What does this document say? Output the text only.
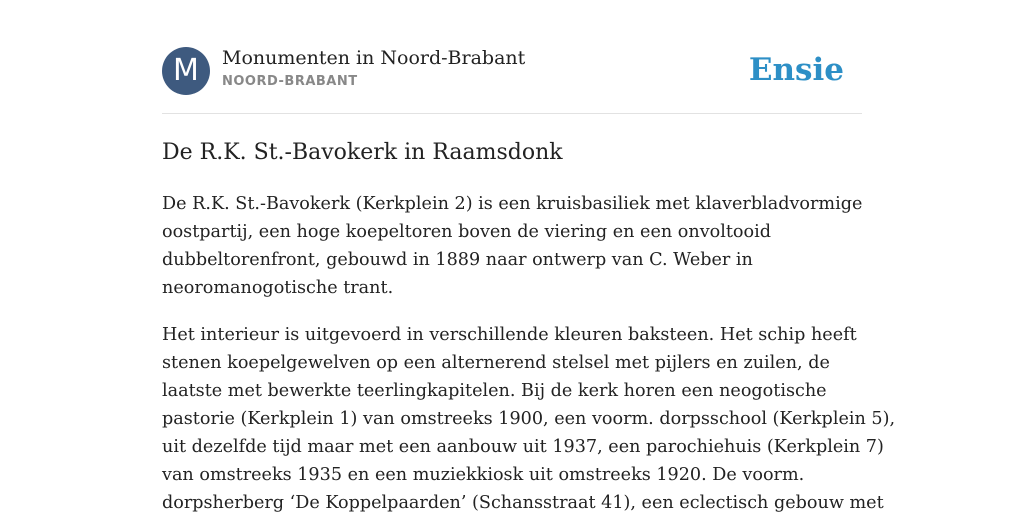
M	Monumenten in Noord-Brabant
NOORD-BRABANT	Ensie
De R.K. St.-Bavokerk in Raamsdonk

De R.K. St.-Bavokerk (Kerkplein 2) is een kruisbasiliek met klaverbladvormige
oostpartij, een hoge koepeltoren boven de viering en een onvoltooid
dubbeltorenfront, gebouwd in 1889 naar ontwerp van C. Weber in
neoromanogotische trant.

Het interieur is uitgevoerd in verschillende kleuren baksteen. Het schip heeft
stenen koepelgewelven op een alternerend stelsel met pijlers en zuilen, de
laatste met bewerkte teerlingkapitelen. Bij de kerk horen een neogotische
pastorie (Kerkplein 1) van omstreeks 1900, een voorm. dorpsschool (Kerkplein 5),
uit dezelfde tijd maar met een aanbouw uit 1937, een parochiehuis (Kerkplein 7)
van omstreeks 1935 en een muziekkiosk uit omstreeks 1920. De voorm.
dorpsherberg ‘De Koppelpaarden’ (Schansstraat 41), een eclectisch gebouw met
